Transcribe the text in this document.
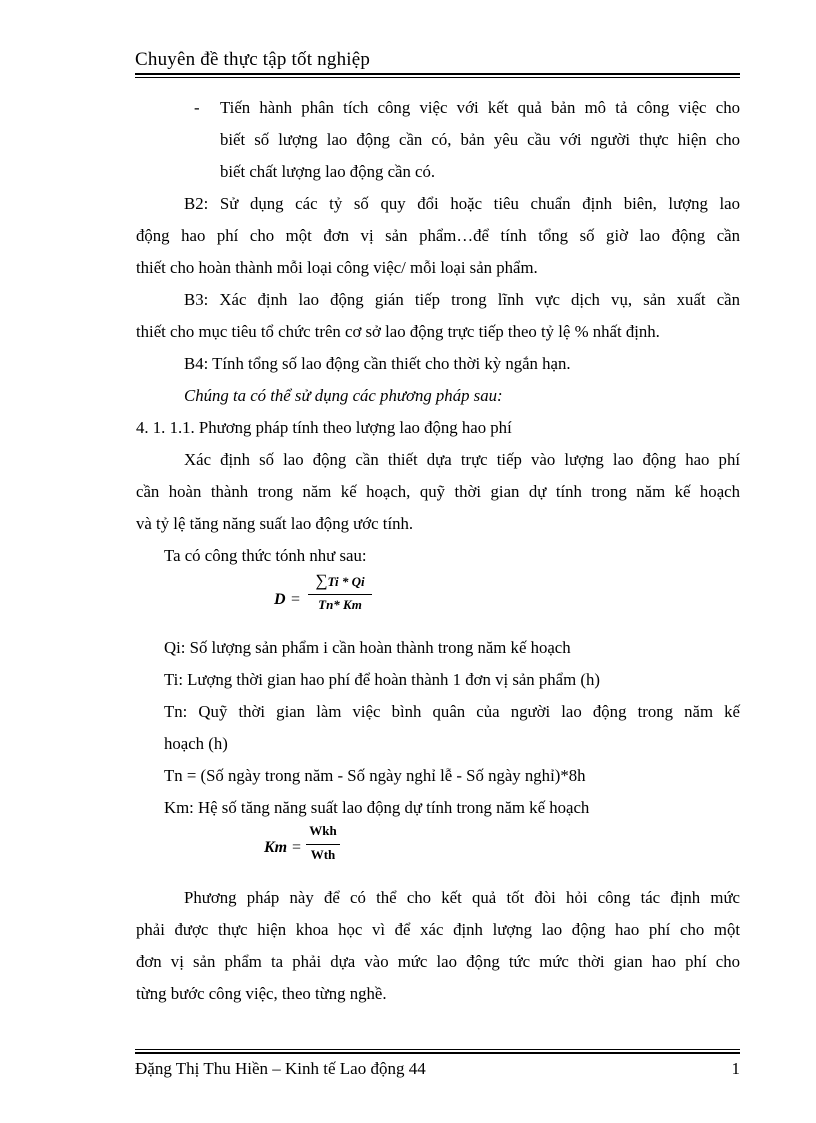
Chuyên đề thực tập tốt nghiệp
- Tiến hành phân tích công việc với kết quả bản mô tả công việc cho
biết số lượng lao động cần có, bản yêu cầu với người thực hiện cho
biết chất lượng lao động cần có.
B2: Sử dụng các tỷ số quy đổi hoặc tiêu chuẩn định biên, lượng lao
động hao phí cho một đơn vị sản phẩm…để tính tổng số giờ lao động cần
thiết cho hoàn thành mỗi loại công việc/ mỗi loại sản phẩm.
B3: Xác định lao động gián tiếp trong lĩnh vực dịch vụ, sản xuất cần
thiết cho mục tiêu tổ chức trên cơ sở lao động trực tiếp theo tỷ lệ % nhất định.
B4: Tính tổng số lao động cần thiết cho thời kỳ ngắn hạn.
Chúng ta có thể sử dụng các phương pháp sau:
4. 1. 1.1. Phương pháp tính theo lượng lao động hao phí
Xác định số lao động cần thiết dựa trực tiếp vào lượng lao động hao phí
cần hoàn thành trong năm kế hoạch, quỹ thời gian dự tính trong năm kế hoạch
và tỷ lệ tăng năng suất lao động ước tính.
Ta có công thức tónh như sau:
D =
∑Ti * Qi
Tn* Km
Qi: Số lượng sản phẩm i cần hoàn thành trong năm kế hoạch
Ti: Lượng thời gian hao phí để hoàn thành 1 đơn vị sản phẩm (h)
Tn: Quỹ thời gian làm việc bình quân của người lao động trong năm kế
hoạch (h)
Tn = (Số ngày trong năm - Số ngày nghỉ lễ - Số ngày nghỉ)*8h
Km: Hệ số tăng năng suất lao động dự tính trong năm kế hoạch
Km =
Wkh
Wth
Phương pháp này để có thể cho kết quả tốt đòi hỏi công tác định mức
phải được thực hiện khoa học vì để xác định lượng lao động hao phí cho một
đơn vị sản phẩm ta phải dựa vào mức lao động tức mức thời gian hao phí cho
từng bước công việc, theo từng nghề.
Đặng Thị Thu Hiền – Kinh tế Lao động 44	1
